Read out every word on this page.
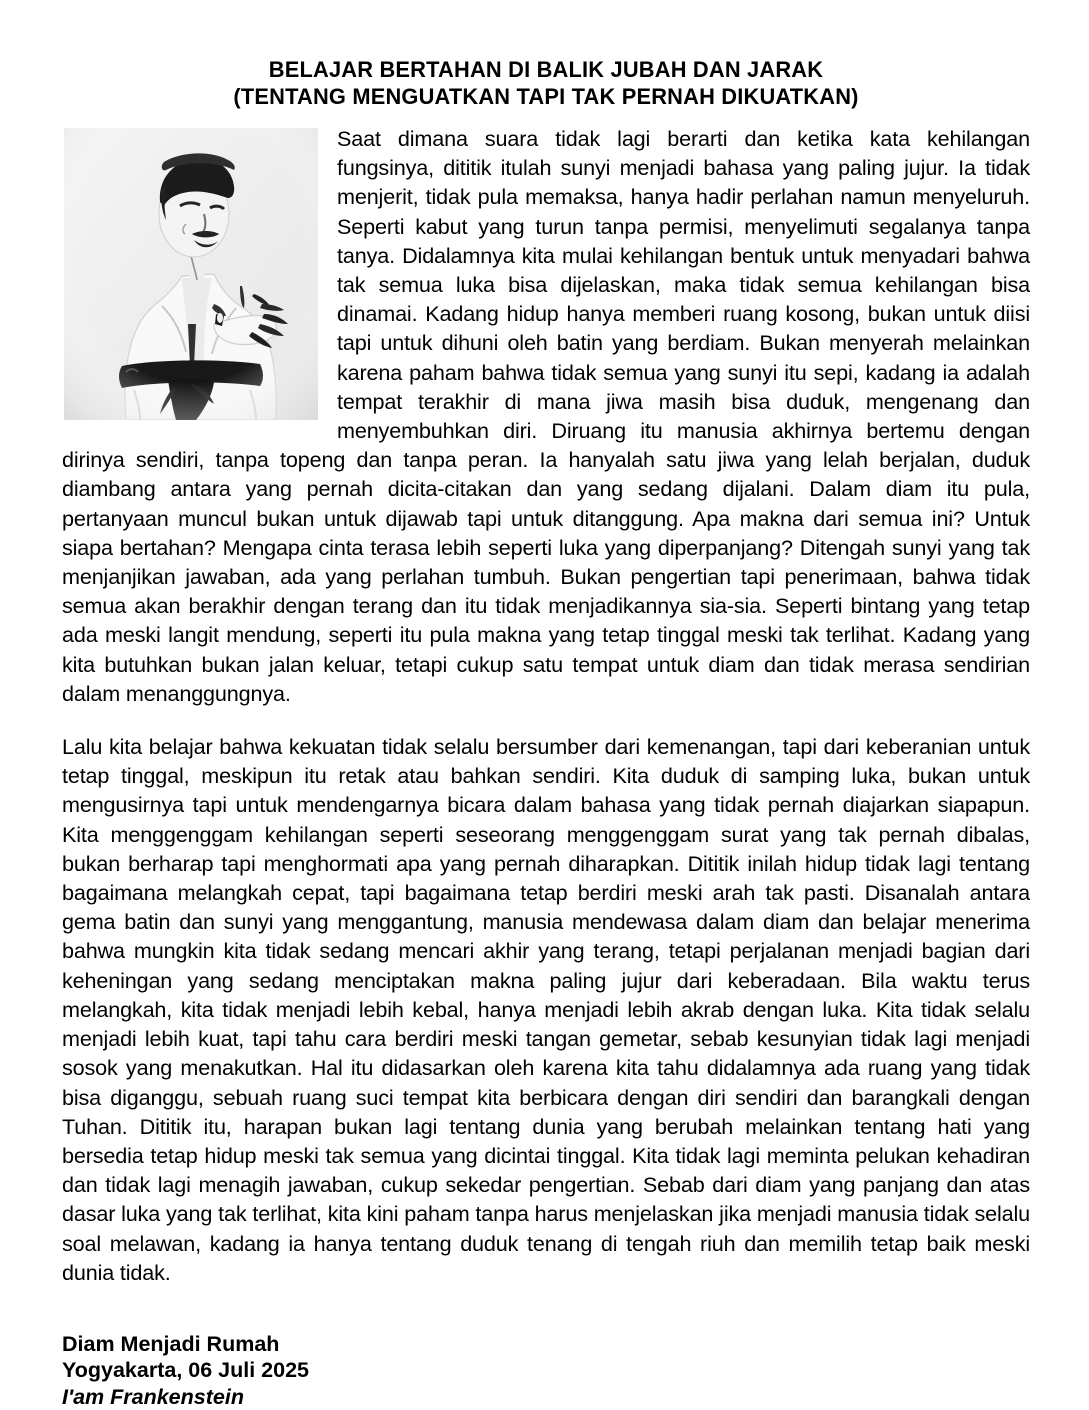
BELAJAR BERTAHAN DI BALIK JUBAH DAN JARAK
(TENTANG MENGUATKAN TAPI TAK PERNAH DIKUATKAN)

Saat dimana suara tidak lagi berarti dan ketika kata kehilangan fungsinya, dititik itulah sunyi menjadi bahasa yang paling jujur. Ia tidak menjerit, tidak pula memaksa, hanya hadir perlahan namun menyeluruh. Seperti kabut yang turun tanpa permisi, menyelimuti segalanya tanpa tanya. Didalamnya kita mulai kehilangan bentuk untuk menyadari bahwa tak semua luka bisa dijelaskan, maka tidak semua kehilangan bisa dinamai. Kadang hidup hanya memberi ruang kosong, bukan untuk diisi tapi untuk dihuni oleh batin yang berdiam. Bukan menyerah melainkan karena paham bahwa tidak semua yang sunyi itu sepi, kadang ia adalah tempat terakhir di mana jiwa masih bisa duduk, mengenang dan menyembuhkan diri. Diruang itu manusia akhirnya bertemu dengan dirinya sendiri, tanpa topeng dan tanpa peran. Ia hanyalah satu jiwa yang lelah berjalan, duduk diambang antara yang pernah dicita-citakan dan yang sedang dijalani. Dalam diam itu pula, pertanyaan muncul bukan untuk dijawab tapi untuk ditanggung. Apa makna dari semua ini? Untuk siapa bertahan? Mengapa cinta terasa lebih seperti luka yang diperpanjang? Ditengah sunyi yang tak menjanjikan jawaban, ada yang perlahan tumbuh. Bukan pengertian tapi penerimaan, bahwa tidak semua akan berakhir dengan terang dan itu tidak menjadikannya sia-sia. Seperti bintang yang tetap ada meski langit mendung, seperti itu pula makna yang tetap tinggal meski tak terlihat. Kadang yang kita butuhkan bukan jalan keluar, tetapi cukup satu tempat untuk diam dan tidak merasa sendirian dalam menanggungnya.

Lalu kita belajar bahwa kekuatan tidak selalu bersumber dari kemenangan, tapi dari keberanian untuk tetap tinggal, meskipun itu retak atau bahkan sendiri. Kita duduk di samping luka, bukan untuk mengusirnya tapi untuk mendengarnya bicara dalam bahasa yang tidak pernah diajarkan siapapun. Kita menggenggam kehilangan seperti seseorang menggenggam surat yang tak pernah dibalas, bukan berharap tapi menghormati apa yang pernah diharapkan. Dititik inilah hidup tidak lagi tentang bagaimana melangkah cepat, tapi bagaimana tetap berdiri meski arah tak pasti. Disanalah antara gema batin dan sunyi yang menggantung, manusia mendewasa dalam diam dan belajar menerima bahwa mungkin kita tidak sedang mencari akhir yang terang, tetapi perjalanan menjadi bagian dari keheningan yang sedang menciptakan makna paling jujur dari keberadaan. Bila waktu terus melangkah, kita tidak menjadi lebih kebal, hanya menjadi lebih akrab dengan luka. Kita tidak selalu menjadi lebih kuat, tapi tahu cara berdiri meski tangan gemetar, sebab kesunyian tidak lagi menjadi sosok yang menakutkan. Hal itu didasarkan oleh karena kita tahu didalamnya ada ruang yang tidak bisa diganggu, sebuah ruang suci tempat kita berbicara dengan diri sendiri dan barangkali dengan Tuhan. Dititik itu, harapan bukan lagi tentang dunia yang berubah melainkan tentang hati yang bersedia tetap hidup meski tak semua yang dicintai tinggal. Kita tidak lagi meminta pelukan kehadiran dan tidak lagi menagih jawaban, cukup sekedar pengertian. Sebab dari diam yang panjang dan atas dasar luka yang tak terlihat, kita kini paham tanpa harus menjelaskan jika menjadi manusia tidak selalu soal melawan, kadang ia hanya tentang duduk tenang di tengah riuh dan memilih tetap baik meski dunia tidak.

Diam Menjadi Rumah
Yogyakarta, 06 Juli 2025
I'am Frankenstein
